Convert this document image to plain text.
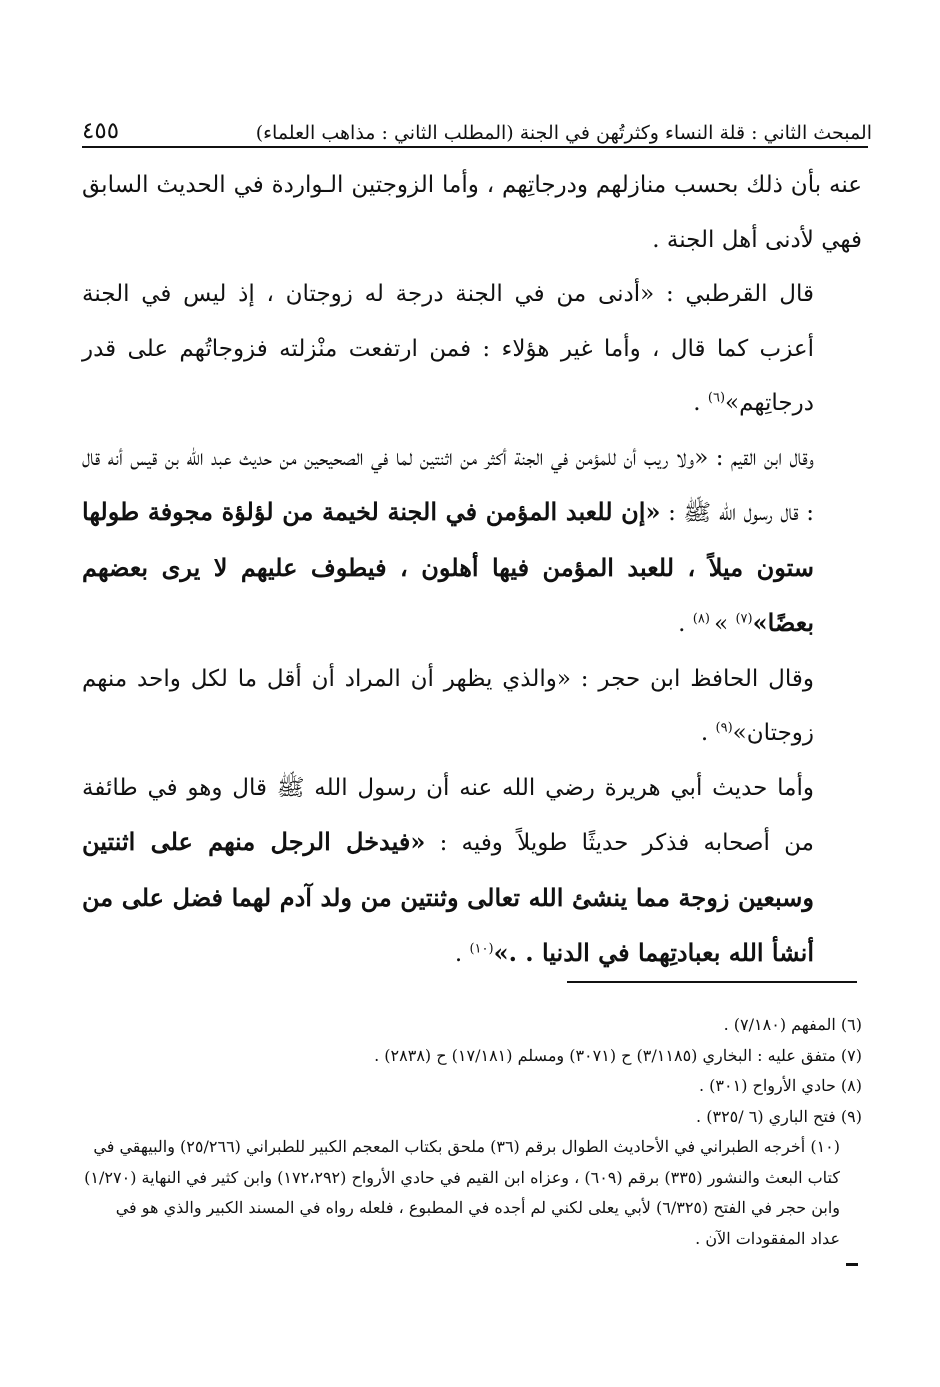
٤٥٥	المبحث الثاني : قلة النساء وكثرتُهن في الجنة (المطلب الثاني : مذاهب العلماء)

عنه بأن ذلك بحسب منازلهم ودرجاتِهم ، وأما الزوجتين الـواردة في الحديث السابق فهي لأدنى أهل الجنة .

قال القرطبي : «أدنى من في الجنة درجة له زوجتان ، إذ ليس في الجنة أعزب كما قال ، وأما غير هؤلاء : فمن ارتفعت منْزلته فزوجاتُهم على قدر درجاتِهم»$^{(٦)}$ .

وقال ابن القيم : «ولا ريب أن للمؤمن في الجنة أكثر من اثنتين لما في الصحيحين من حديث عبد الله بن قيس أنه قال : قال رسول الله ﷺ : «إن للعبد المؤمن في الجنة لخيمة من لؤلؤة مجوفة طولها ستون ميلاً ، للعبد المؤمن فيها أهلون ، فيطوف عليهم لا يرى بعضهم بعضًا»$^{(٧)}$ » $^{(٨)}$ .

وقال الحافظ ابن حجر : «والذي يظهر أن المراد أن أقل ما لكل واحد منهم زوجتان»$^{(٩)}$ .

وأما حديث أبي هريرة رضي الله عنه أن رسول الله ﷺ قال وهو في طائفة من أصحابه فذكر حديثًا طويلاً وفيه : «فيدخل الرجل منهم على اثنتين وسبعين زوجة مما ينشئ الله تعالى وثنتين من ولد آدم لهما فضل على من أنشأ الله بعبادتِهما في الدنيا . .»$^{(١٠)}$ .

(٦) المفهم (٧/١٨٠) .

(٧) متفق عليه : البخاري (٣/١١٨٥) ح (٣٠٧١) ومسلم (١٧/١٨١) ح (٢٨٣٨) .

(٨) حادي الأرواح (٣٠١) .

(٩) فتح الباري (٦ /٣٢٥) .

(١٠) أخرجه الطبراني في الأحاديث الطوال برقم (٣٦) ملحق بكتاب المعجم الكبير للطبراني (٢٥/٢٦٦) والبيهقي في كتاب البعث والنشور (٣٣٥) برقم (٦٠٩) ، وعزاه ابن القيم في حادي الأرواح (١٧٢،٢٩٢) وابن كثير في النهاية (١/٢٧٠) وابن حجر في الفتح (٦/٣٢٥) لأبي يعلى لكني لم أجده في المطبوع ، فلعله رواه في المسند الكبير والذي هو في عداد المفقودات الآن .
